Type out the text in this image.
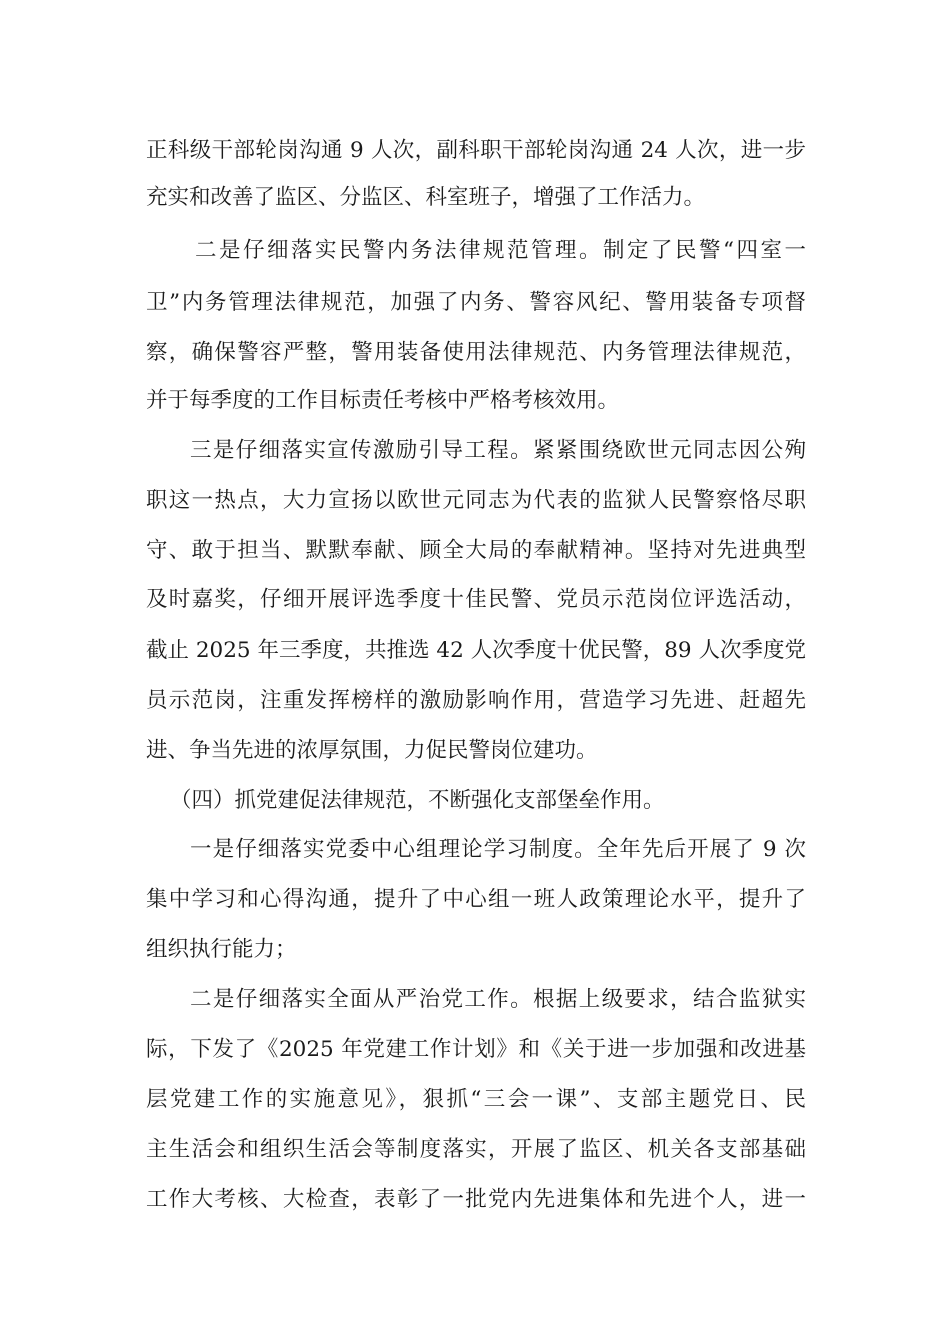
正科级干部轮岗沟通 9 人次，副科职干部轮岗沟通 24 人次，进一步
充实和改善了监区、分监区、科室班子，增强了工作活力。
二是仔细落实民警内务法律规范管理。制定了民警“四室一
卫”内务管理法律规范，加强了内务、警容风纪、警用装备专项督
察，确保警容严整，警用装备使用法律规范、内务管理法律规范，
并于每季度的工作目标责任考核中严格考核效用。
三是仔细落实宣传激励引导工程。紧紧围绕欧世元同志因公殉
职这一热点，大力宣扬以欧世元同志为代表的监狱人民警察恪尽职
守、敢于担当、默默奉献、顾全大局的奉献精神。坚持对先进典型
及时嘉奖，仔细开展评选季度十佳民警、党员示范岗位评选活动，
截止 2025 年三季度，共推选 42 人次季度十优民警，89 人次季度党
员示范岗，注重发挥榜样的激励影响作用，营造学习先进、赶超先
进、争当先进的浓厚氛围，力促民警岗位建功。
（四）抓党建促法律规范，不断强化支部堡垒作用。
一是仔细落实党委中心组理论学习制度。全年先后开展了 9 次
集中学习和心得沟通，提升了中心组一班人政策理论水平，提升了
组织执行能力；
二是仔细落实全面从严治党工作。根据上级要求，结合监狱实
际，下发了《2025 年党建工作计划》和《关于进一步加强和改进基
层党建工作的实施意见》，狠抓“三会一课”、支部主题党日、民
主生活会和组织生活会等制度落实，开展了监区、机关各支部基础
工作大考核、大检查，表彰了一批党内先进集体和先进个人，进一
